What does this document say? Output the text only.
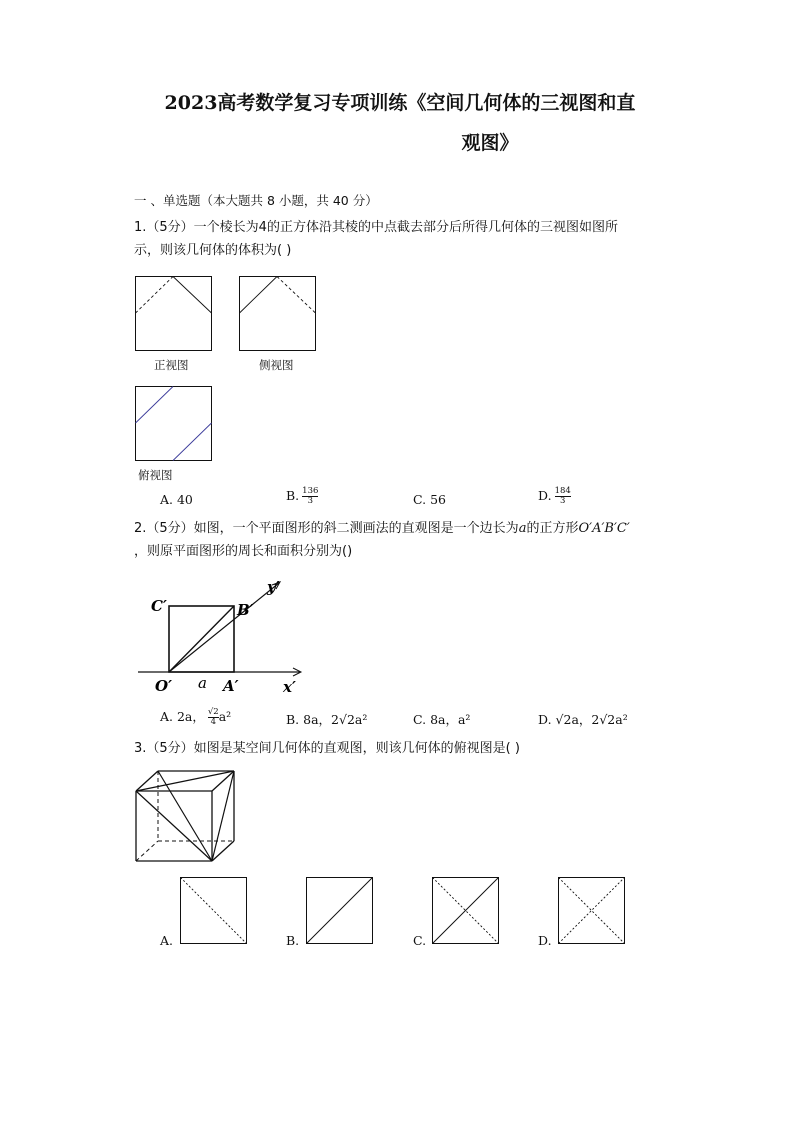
2023高考数学复习专项训练《空间几何体的三视图和直
观图》
一 、单选题（本大题共 8 小题，共 40 分）
1.（5分）一个棱长为4的正方体沿其棱的中点截去部分后所得几何体的三视图如图所
示，则该几何体的体积为( )
正视图	侧视图
俯视图
A. 40	B. $\frac{136}{3}$	C. 56	D. $\frac{184}{3}$
2.（5分）如图，一个平面图形的斜二测画法的直观图是一个边长为a的正方形O′A′B′C′
，则原平面图形的周长和面积分别为()
C′	B′
O′ a A′	x′
y′
A. 2a， $\frac{√2}{4} a^2$	B. 8a，2√2a²	C. 8a，a²	D. √2a，2√2a²
3.（5分）如图是某空间几何体的直观图，则该几何体的俯视图是( )
A.	B.	C.	D.
